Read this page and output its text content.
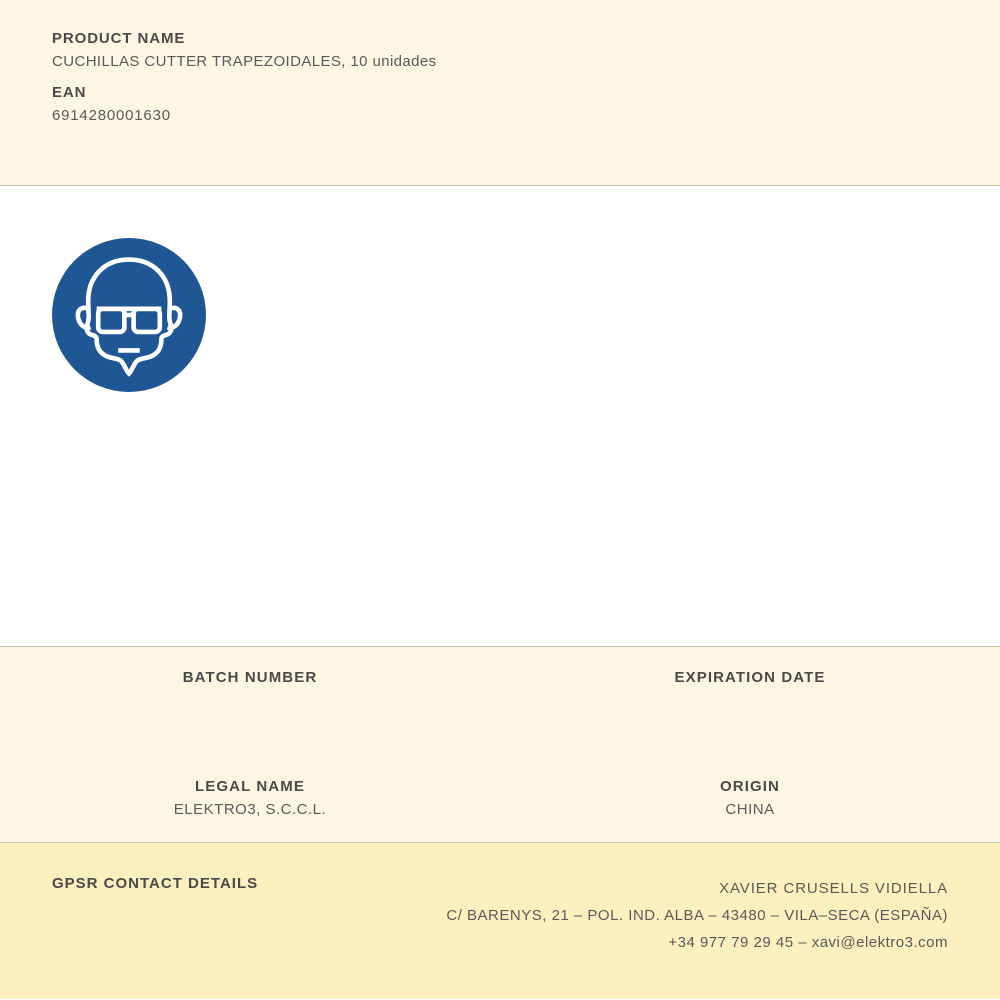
PRODUCT NAME
CUCHILLAS CUTTER TRAPEZOIDALES, 10 unidades
EAN
6914280001630
BATCH NUMBER	EXPIRATION DATE
LEGAL NAME
ELEKTRO3, S.C.C.L.
ORIGIN
CHINA
GPSR CONTACT DETAILS	XAVIER CRUSELLS VIDIELLA
C/ BARENYS, 21 – POL. IND. ALBA – 43480 – VILA–SECA (ESPAÑA)
+34 977 79 29 45 – xavi@elektro3.com
